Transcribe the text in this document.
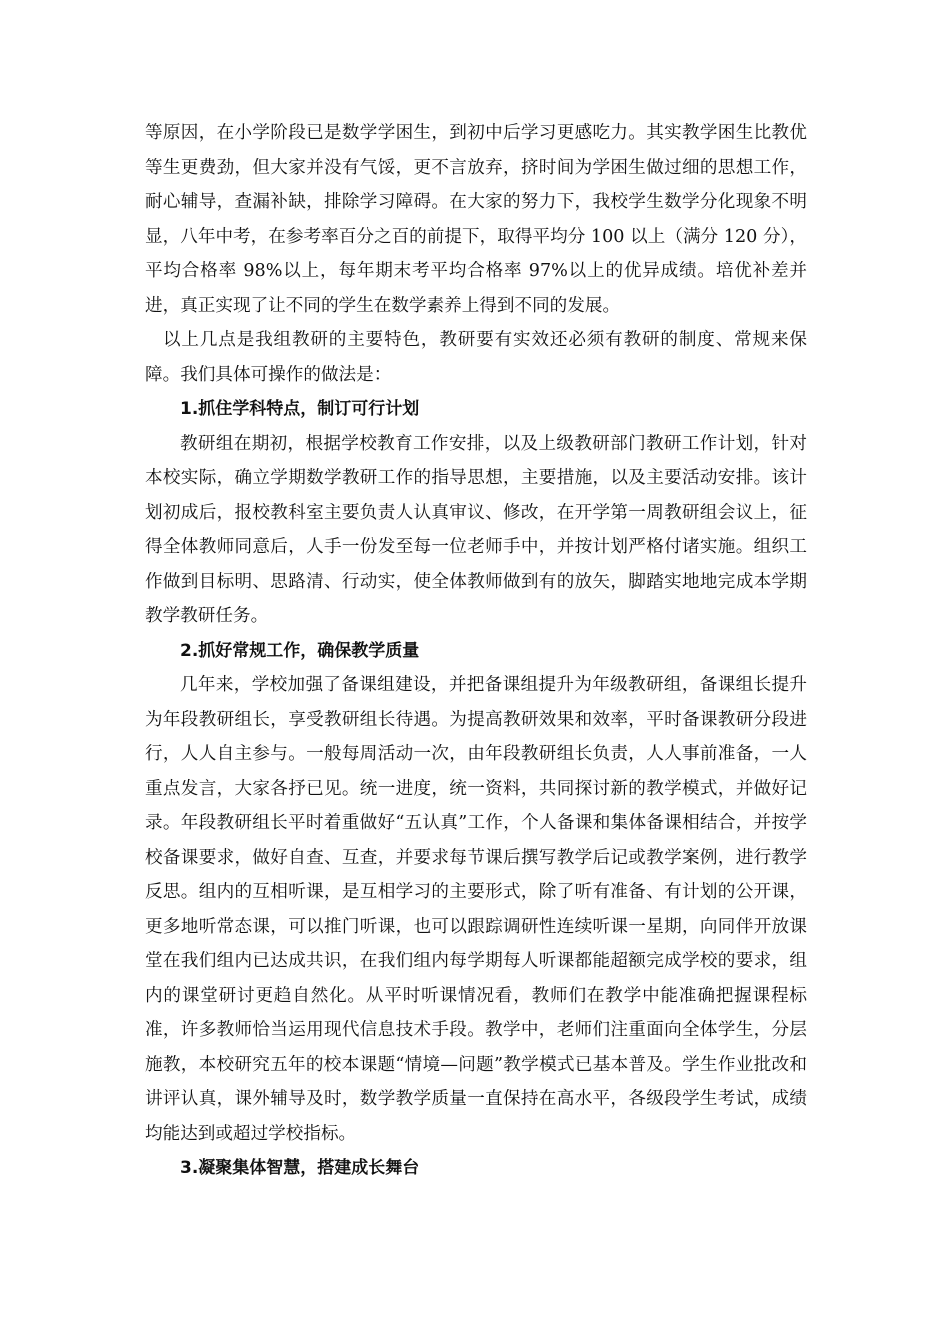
等原因，在小学阶段已是数学学困生，到初中后学习更感吃力。其实教学困生比教优等生更费劲，但大家并没有气馁，更不言放弃，挤时间为学困生做过细的思想工作，耐心辅导，查漏补缺，排除学习障碍。在大家的努力下，我校学生数学分化现象不明显，八年中考，在参考率百分之百的前提下，取得平均分 100 以上（满分 120 分），平均合格率 98%以上，每年期末考平均合格率 97%以上的优异成绩。培优补差并进，真正实现了让不同的学生在数学素养上得到不同的发展。

以上几点是我组教研的主要特色，教研要有实效还必须有教研的制度、常规来保障。我们具体可操作的做法是：

1.抓住学科特点，制订可行计划

教研组在期初，根据学校教育工作安排，以及上级教研部门教研工作计划，针对本校实际，确立学期数学教研工作的指导思想，主要措施，以及主要活动安排。该计划初成后，报校教科室主要负责人认真审议、修改，在开学第一周教研组会议上，征得全体教师同意后，人手一份发至每一位老师手中，并按计划严格付诸实施。组织工作做到目标明、思路清、行动实，使全体教师做到有的放矢，脚踏实地地完成本学期教学教研任务。

2.抓好常规工作，确保教学质量

几年来，学校加强了备课组建设，并把备课组提升为年级教研组，备课组长提升为年段教研组长，享受教研组长待遇。为提高教研效果和效率，平时备课教研分段进行，人人自主参与。一般每周活动一次，由年段教研组长负责，人人事前准备，一人重点发言，大家各抒已见。统一进度，统一资料，共同探讨新的教学模式，并做好记录。年段教研组长平时着重做好“五认真”工作，个人备课和集体备课相结合，并按学校备课要求，做好自查、互查，并要求每节课后撰写教学后记或教学案例，进行教学反思。组内的互相听课，是互相学习的主要形式，除了听有准备、有计划的公开课，更多地听常态课，可以推门听课，也可以跟踪调研性连续听课一星期，向同伴开放课堂在我们组内已达成共识，在我们组内每学期每人听课都能超额完成学校的要求，组内的课堂研讨更趋自然化。从平时听课情况看，教师们在教学中能准确把握课程标准，许多教师恰当运用现代信息技术手段。教学中，老师们注重面向全体学生，分层施教，本校研究五年的校本课题“情境—问题”教学模式已基本普及。学生作业批改和讲评认真，课外辅导及时，数学教学质量一直保持在高水平，各级段学生考试，成绩均能达到或超过学校指标。

3.凝聚集体智慧，搭建成长舞台
